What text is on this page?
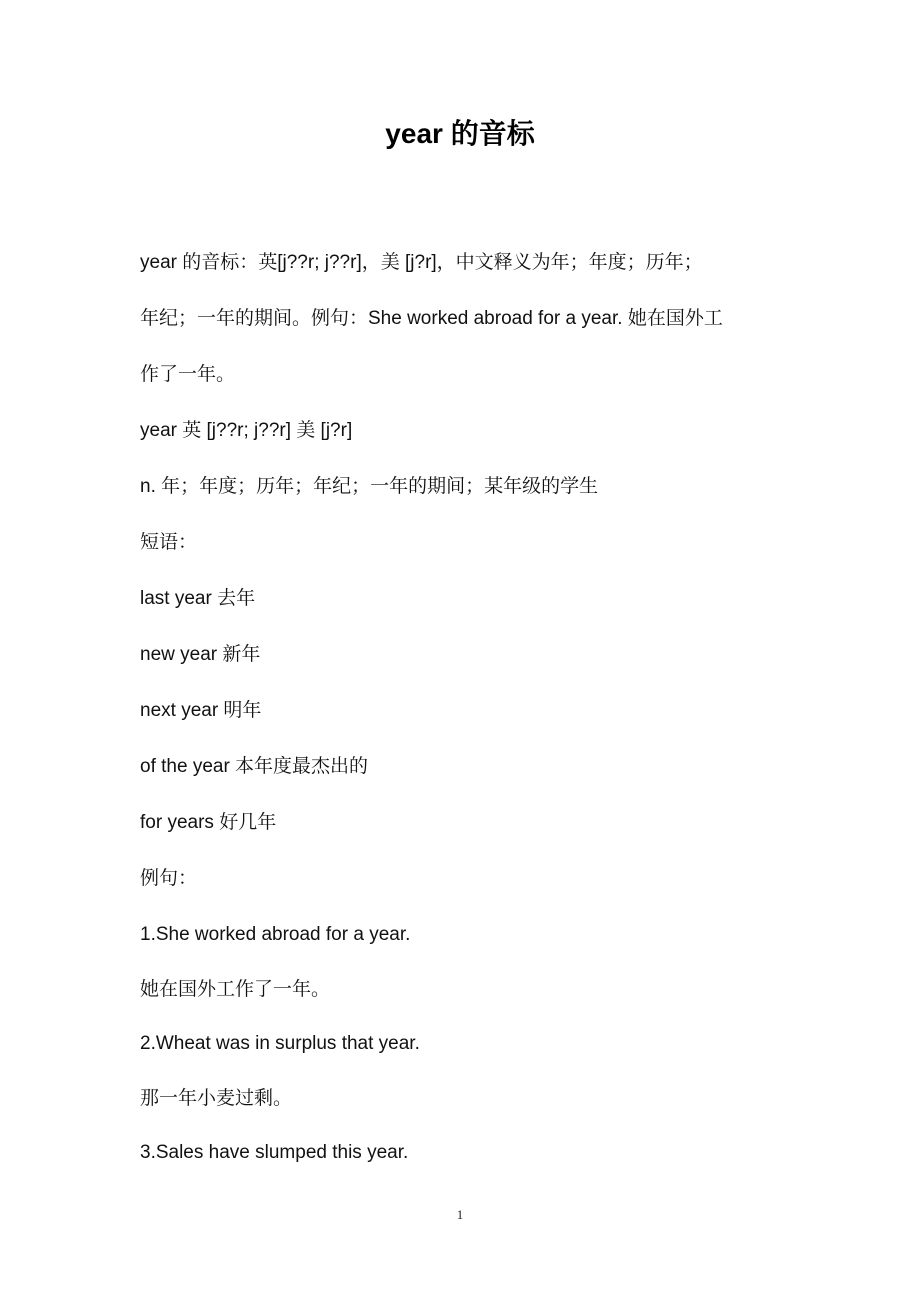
year 的音标
year 的音标：英[j??r; j??r]，美 [j?r]，中文释义为年；年度；历年；
年纪；一年的期间。例句：She worked abroad for a year. 她在国外工
作了一年。
year 英 [j??r; j??r] 美 [j?r]
n. 年；年度；历年；年纪；一年的期间；某年级的学生
短语：
last year 去年
new year 新年
next year 明年
of the year 本年度最杰出的
for years 好几年
例句：
1.She worked abroad for a year.
她在国外工作了一年。
2.Wheat was in surplus that year.
那一年小麦过剩。
3.Sales have slumped this year.
1
